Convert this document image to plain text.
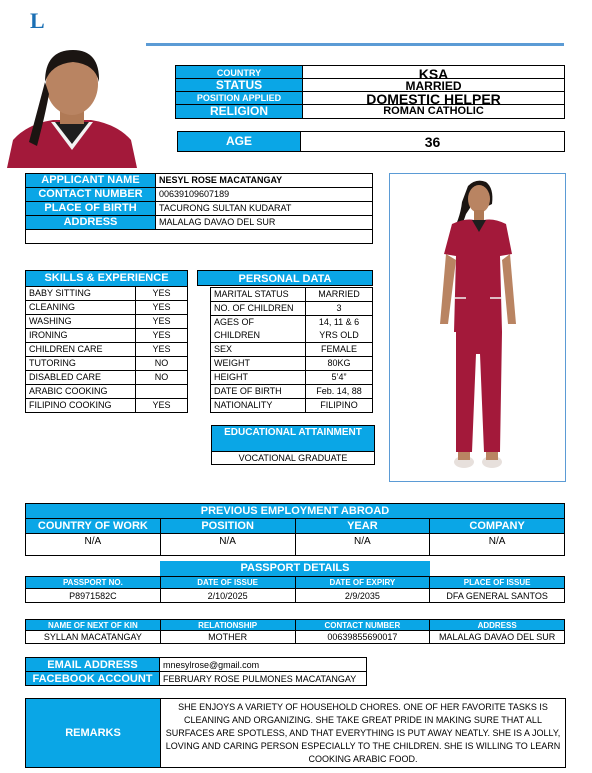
L
COUNTRY	KSA
STATUS	MARRIED
POSITION APPLIED	DOMESTIC HELPER
RELIGION	ROMAN CATHOLIC
AGE	36
APPLICANT NAME	NESYL ROSE MACATANGAY
CONTACT NUMBER	00639109607189
PLACE OF BIRTH	TACURONG SULTAN KUDARAT
ADDRESS	MALALAG DAVAO DEL SUR

SKILLS & EXPERIENCE	
BABY SITTING	YES
CLEANING	YES
WASHING	YES
IRONING	YES
CHILDREN CARE	YES
TUTORING	NO
DISABLED CARE	NO
ARABIC COOKING	
FILIPINO COOKING	YES
PERSONAL DATA
MARITAL STATUS	MARRIED
NO. OF CHILDREN	3
AGES OF CHILDREN	14, 11 & 6 YRS OLD
SEX	FEMALE
WEIGHT	80KG
HEIGHT	5’4”
DATE OF BIRTH	Feb. 14, 88
NATIONALITY	FILIPINO
EDUCATIONAL ATTAINMENT
VOCATIONAL GRADUATE
PREVIOUS EMPLOYMENT ABROAD			
COUNTRY OF WORK	POSITION	YEAR	COMPANY
N/A	N/A	N/A	N/A
PASSPORT DETAILS
PASSPORT NO.	DATE OF ISSUE	DATE OF EXPIRY	PLACE OF ISSUE
P8971582C	2/10/2025	2/9/2035	DFA GENERAL SANTOS
NAME OF NEXT OF KIN	RELATIONSHIP	CONTACT NUMBER	ADDRESS
SYLLAN MACATANGAY	MOTHER	00639855690017	MALALAG DAVAO DEL SUR
EMAIL ADDRESS	mnesylrose@gmail.com
FACEBOOK ACCOUNT	FEBRUARY ROSE PULMONES MACATANGAY
REMARKS
SHE ENJOYS A VARIETY OF HOUSEHOLD CHORES. ONE OF HER FAVORITE TASKS IS CLEANING AND ORGANIZING. SHE TAKE GREAT PRIDE IN MAKING SURE THAT ALL SURFACES ARE SPOTLESS, AND THAT EVERYTHING IS PUT AWAY NEATLY. SHE IS A JOLLY, LOVING AND CARING PERSON ESPECIALLY TO THE CHILDREN. SHE IS WILLING TO LEARN COOKING ARABIC FOOD.
